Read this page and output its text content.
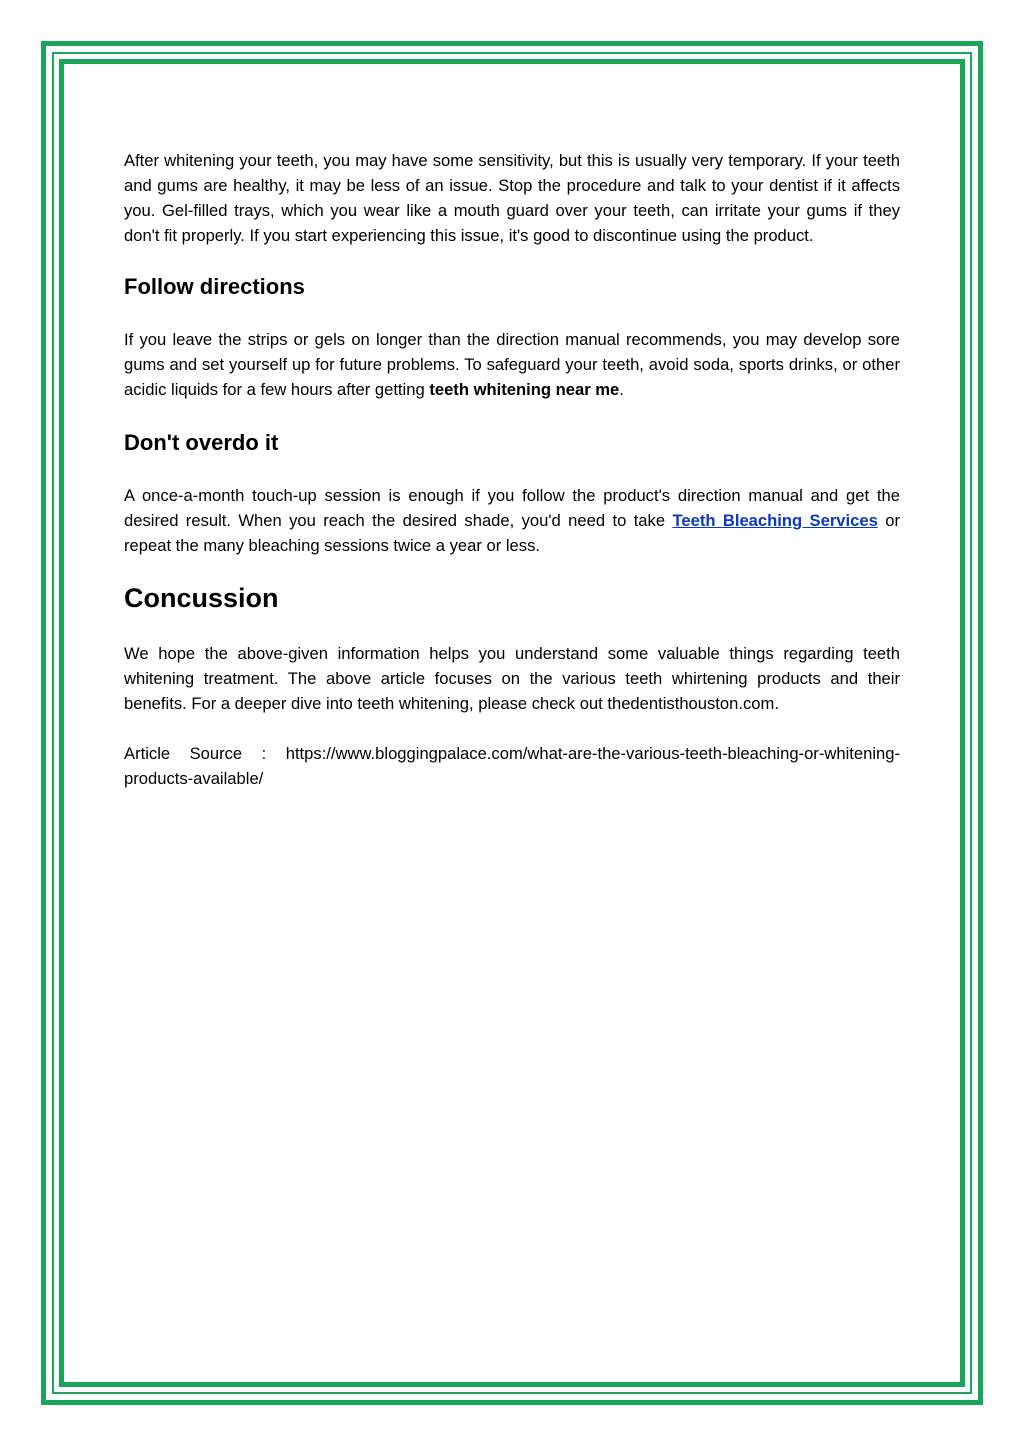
After whitening your teeth, you may have some sensitivity, but this is usually very temporary. If your teeth and gums are healthy, it may be less of an issue. Stop the procedure and talk to your dentist if it affects you. Gel-filled trays, which you wear like a mouth guard over your teeth, can irritate your gums if they don't fit properly. If you start experiencing this issue, it's good to discontinue using the product.

Follow directions

If you leave the strips or gels on longer than the direction manual recommends, you may develop sore gums and set yourself up for future problems. To safeguard your teeth, avoid soda, sports drinks, or other acidic liquids for a few hours after getting teeth whitening near me.

Don't overdo it

A once-a-month touch-up session is enough if you follow the product's direction manual and get the desired result. When you reach the desired shade, you'd need to take Teeth Bleaching Services or repeat the many bleaching sessions twice a year or less.

Concussion

We hope the above-given information helps you understand some valuable things regarding teeth whitening treatment. The above article focuses on the various teeth whirtening products and their benefits. For a deeper dive into teeth whitening, please check out thedentisthouston.com.

Article Source : https://www.bloggingpalace.com/what-are-the-various-teeth-bleaching-or-whitening-products-available/
